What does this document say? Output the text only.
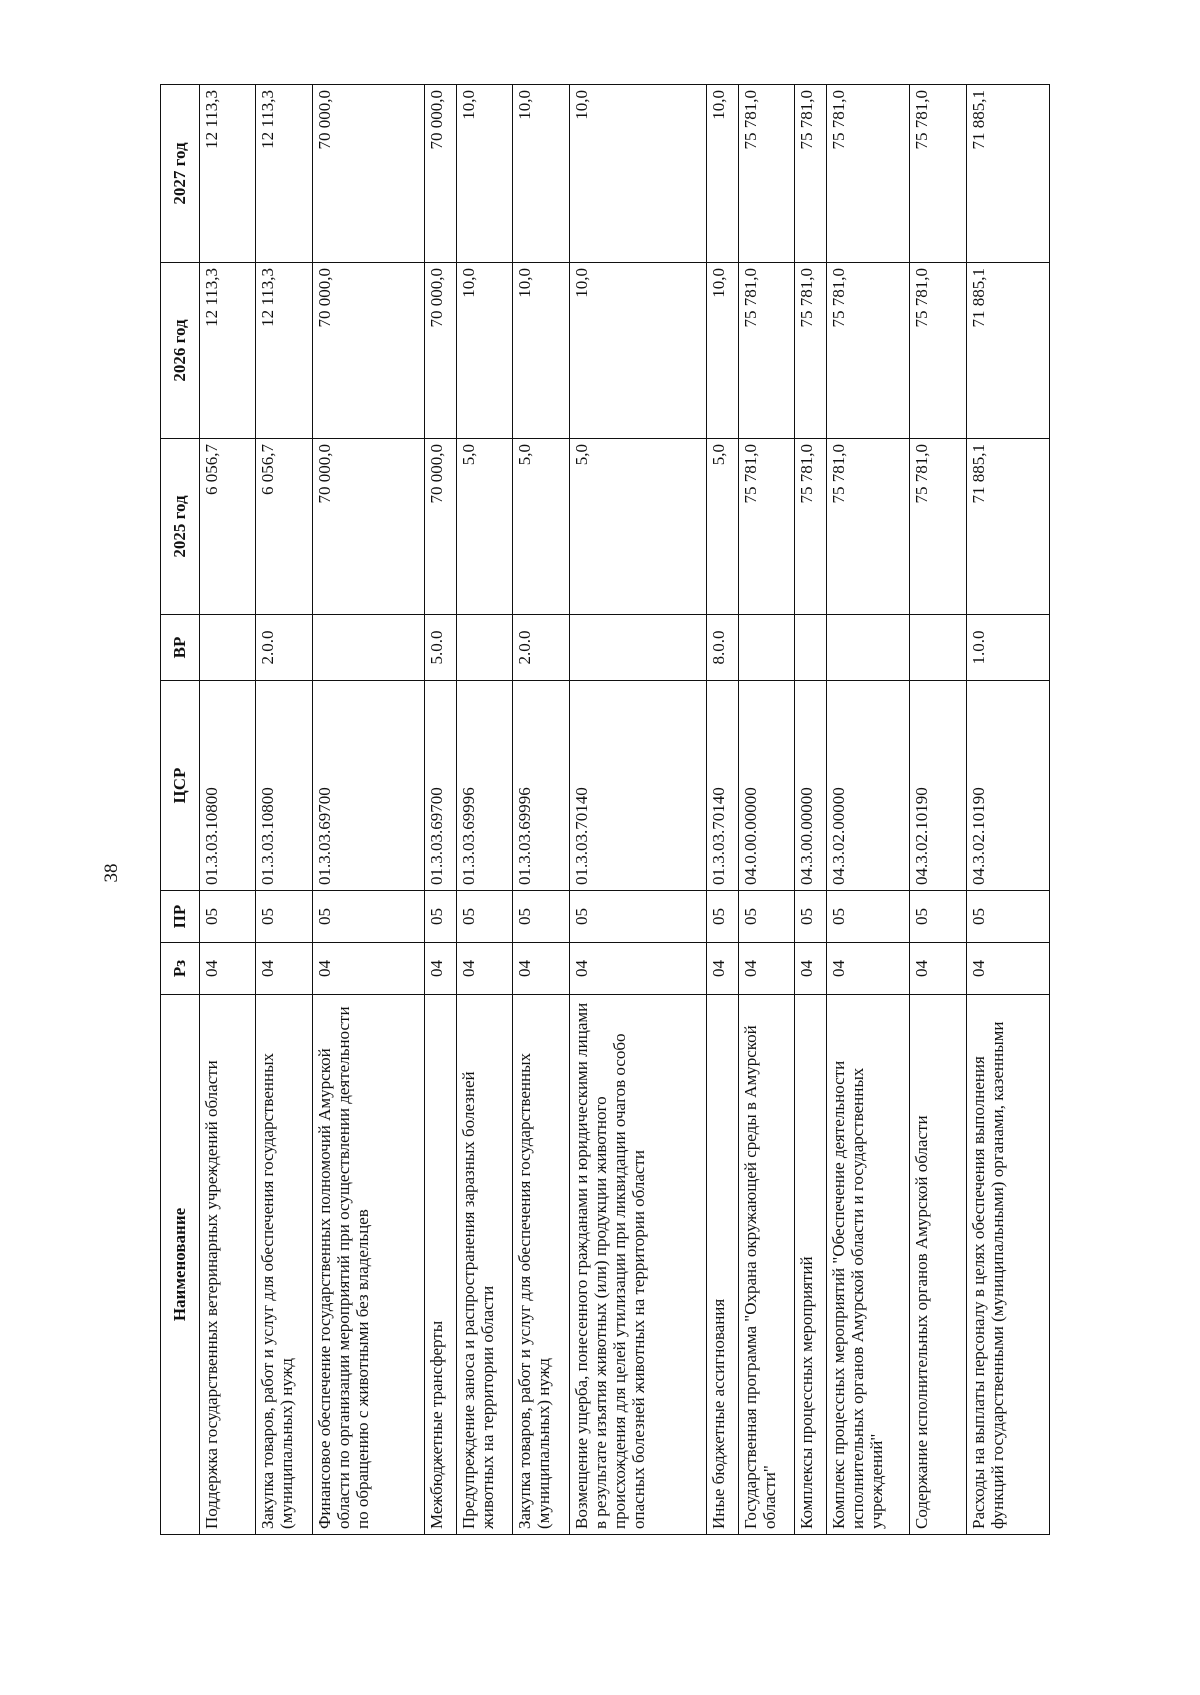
38
Наименование	Рз	ПР	ЦСР	ВР	2025 год	2026 год	2027 год
Поддержка государственных ветеринарных учреждений области	04	05	01.3.03.10800		6 056,7	12 113,3	12 113,3
Закупка товаров, работ и услуг для обеспечения государственных (муниципальных) нужд	04	05	01.3.03.10800	2.0.0	6 056,7	12 113,3	12 113,3
Финансовое обеспечение государственных полномочий Амурской области по организации мероприятий при осуществлении деятельности по обращению с животными без владельцев	04	05	01.3.03.69700		70 000,0	70 000,0	70 000,0
Межбюджетные трансферты	04	05	01.3.03.69700	5.0.0	70 000,0	70 000,0	70 000,0
Предупреждение заноса и распространения заразных болезней животных на территории области	04	05	01.3.03.69996		5,0	10,0	10,0
Закупка товаров, работ и услуг для обеспечения государственных (муниципальных) нужд	04	05	01.3.03.69996	2.0.0	5,0	10,0	10,0
Возмещение ущерба, понесенного гражданами и юридическими лицами в результате изъятия животных (или) продукции животного происхождения для целей утилизации при ликвидации очагов особо опасных болезней животных на территории области	04	05	01.3.03.70140		5,0	10,0	10,0
Иные бюджетные ассигнования	04	05	01.3.03.70140	8.0.0	5,0	10,0	10,0
Государственная программа "Охрана окружающей среды в Амурской области"	04	05	04.0.00.00000		75 781,0	75 781,0	75 781,0
Комплексы процессных мероприятий	04	05	04.3.00.00000		75 781,0	75 781,0	75 781,0
Комплекс процессных мероприятий "Обеспечение деятельности исполнительных органов Амурской области и государственных учреждений"	04	05	04.3.02.00000		75 781,0	75 781,0	75 781,0
Содержание исполнительных органов Амурской области	04	05	04.3.02.10190		75 781,0	75 781,0	75 781,0
Расходы на выплаты персоналу в целях обеспечения выполнения функций государственными (муниципальными) органами, казенными	04	05	04.3.02.10190	1.0.0	71 885,1	71 885,1	71 885,1
